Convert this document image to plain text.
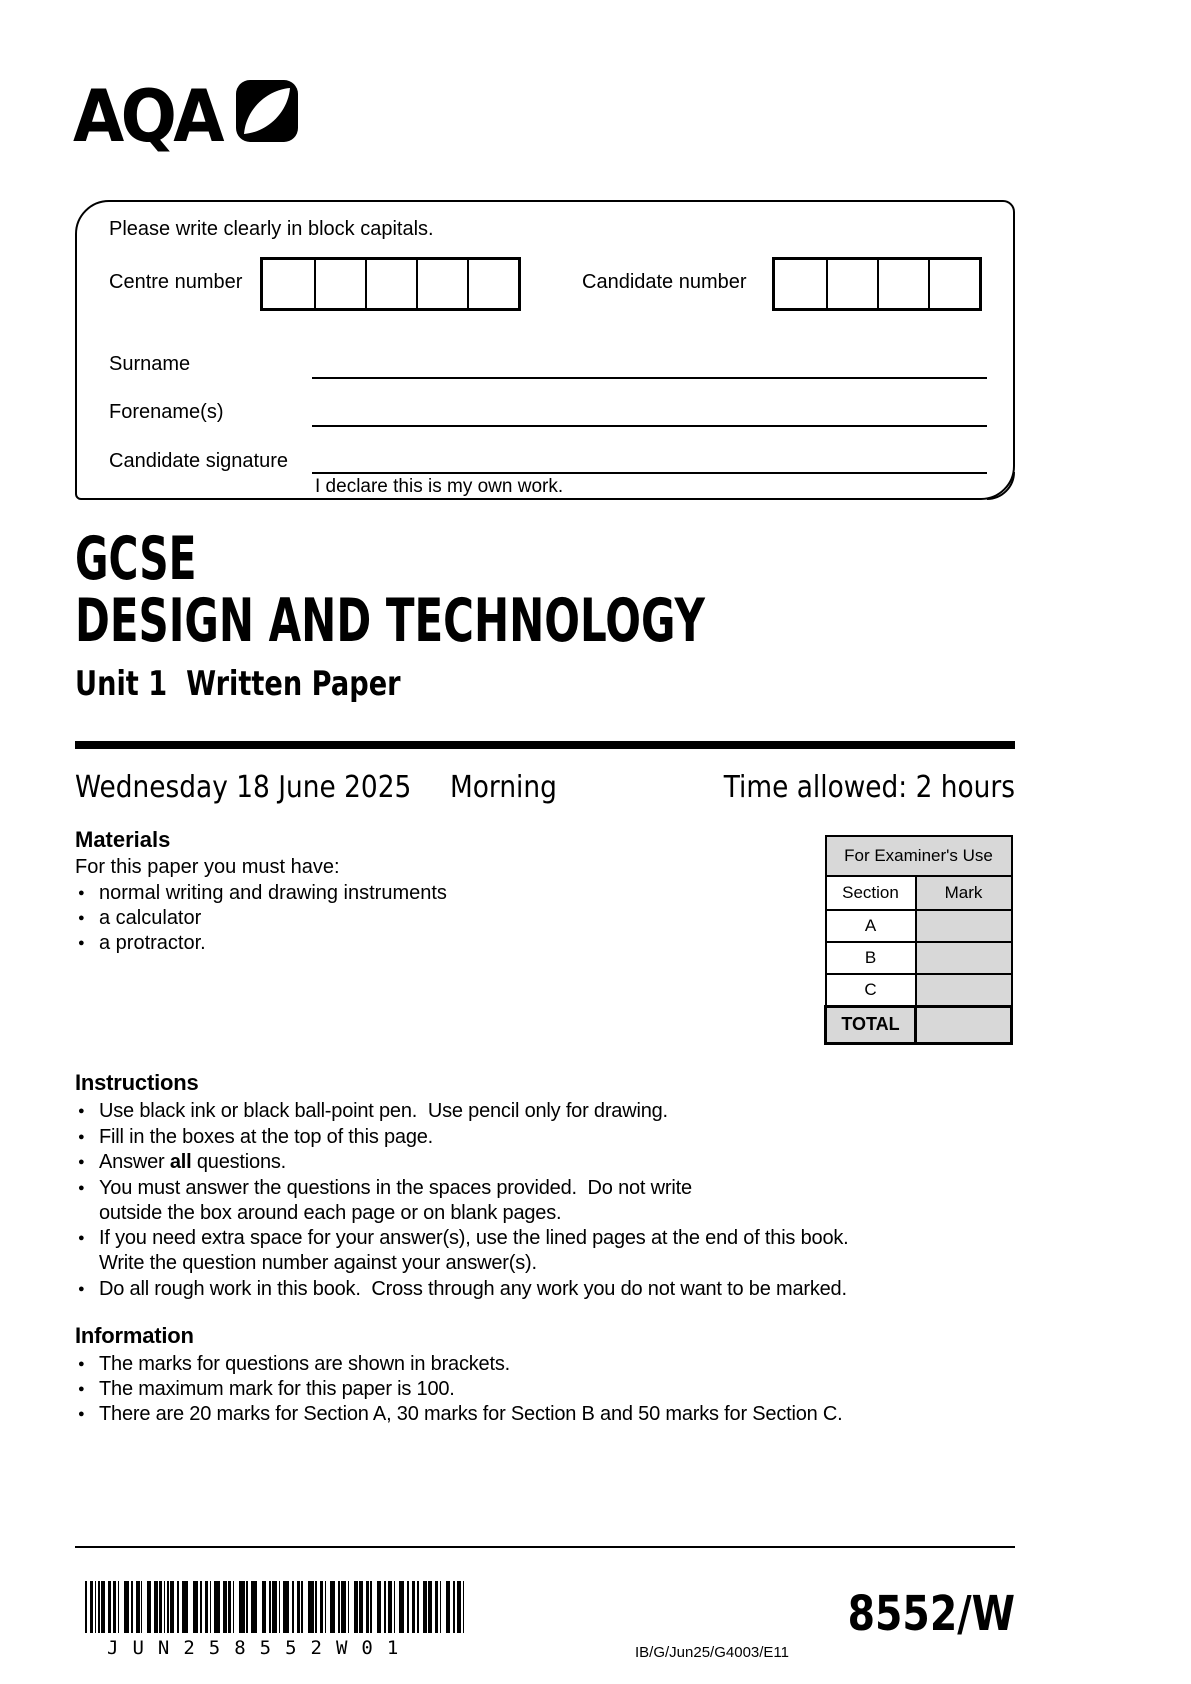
AQA
Please write clearly in block capitals.
Centre number	Candidate number
Surname
Forename(s)
Candidate signature
I declare this is my own work.
GCSE
DESIGN AND TECHNOLOGY
Unit 1  Written Paper
Wednesday 18 June 2025 Morning	Time allowed: 2 hours
Materials

For this paper you must have:

● normal writing and drawing instruments
● a calculator
● a protractor.
For Examiner's Use	
Section	Mark
A	
B	
C	
TOTAL	
Instructions
● Use black ink or black ball-point pen.  Use pencil only for drawing.
● Fill in the boxes at the top of this page.
● Answer all questions.
● You must answer the questions in the spaces provided.  Do not write
outside the box around each page or on blank pages.
● If you need extra space for your answer(s), use the lined pages at the end of this book.
Write the question number against your answer(s).
● Do all rough work in this book.  Cross through any work you do not want to be marked.
Information
● The marks for questions are shown in brackets.
● The maximum mark for this paper is 100.
● There are 20 marks for Section A, 30 marks for Section B and 50 marks for Section C.
JUN258552W01	IB/G/Jun25/G4003/E11
8552/W
